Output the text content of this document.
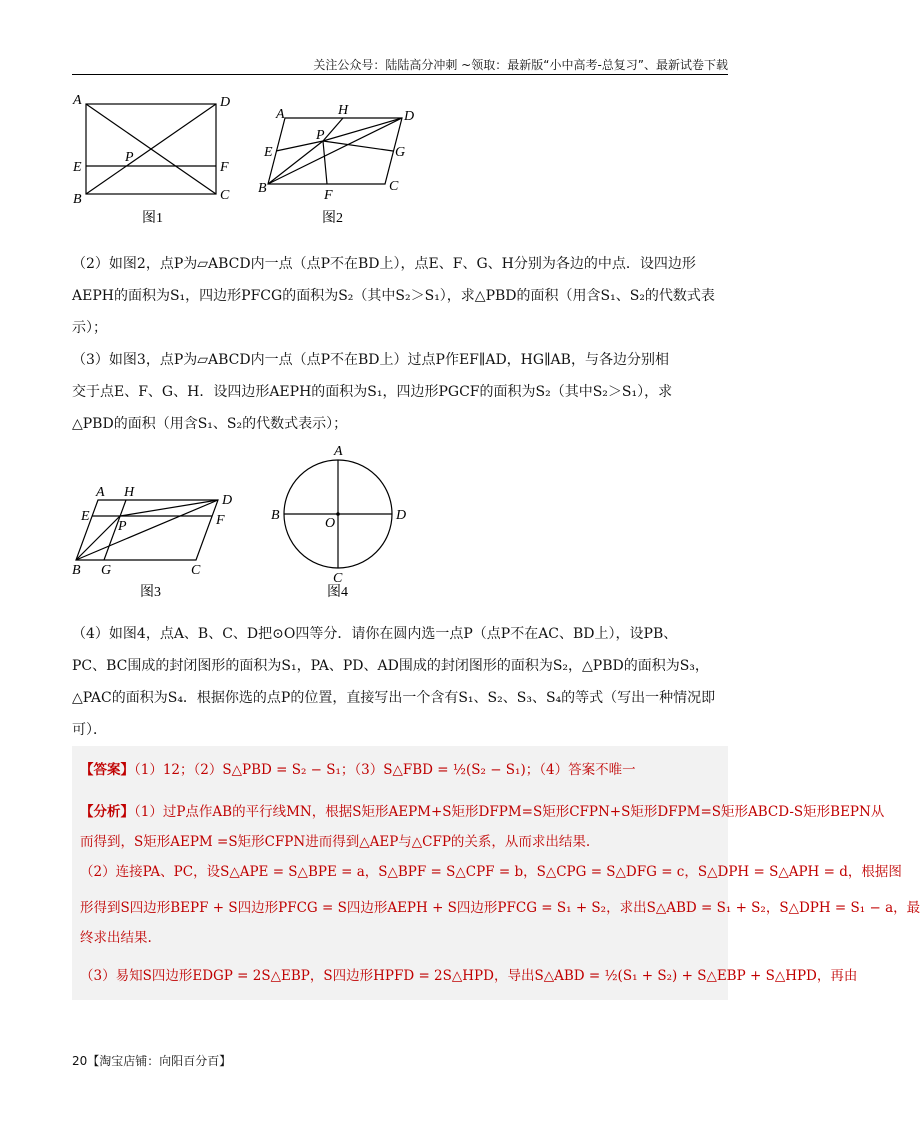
关注公众号：陆陆高分冲刺 ~领取：最新版“小中高考-总复习”、最新试卷下载
A	D
E	F
P
B	C
图1
A	H	D
P
E	G
B	F
C
图2
A H
D
E	F
P
B G	C
图3
A
B
O
D
C
图4
（2）如图2，点P为▱ABCD内一点（点P不在BD上），点E、F、G、H分别为各边的中点．设四边形
AEPH的面积为S₁，四边形PFCG的面积为S₂（其中S₂＞S₁），求△PBD的面积（用含S₁、S₂的代数式表
示）；
（3）如图3，点P为▱ABCD内一点（点P不在BD上）过点P作EF∥AD，HG∥AB，与各边分别相
交于点E、F、G、H．设四边形AEPH的面积为S₁，四边形PGCF的面积为S₂（其中S₂＞S₁），求
△PBD的面积（用含S₁、S₂的代数式表示）；
（4）如图4，点A、B、C、D把⊙O四等分．请你在圆内选一点P（点P不在AC、BD上），设PB、
PC、BC围成的封闭图形的面积为S₁，PA、PD、AD围成的封闭图形的面积为S₂，△PBD的面积为S₃，
△PAC的面积为S₄．根据你选的点P的位置，直接写出一个含有S₁、S₂、S₃、S₄的等式（写出一种情况即
可）．
【答案】（1）12；（2）S△PBD = S₂ − S₁；（3）S△FBD = ½(S₂ − S₁)；（4）答案不唯一
【分析】（1）过P点作AB的平行线MN，根据S矩形AEPM+S矩形DFPM=S矩形CFPN+S矩形DFPM=S矩形ABCD-S矩形BEPN从
而得到，S矩形AEPM =S矩形CFPN进而得到△AEP与△CFP的关系，从而求出结果.
（2）连接PA、PC，设S△APE = S△BPE = a，S△BPF = S△CPF = b，S△CPG = S△DFG = c，S△DPH = S△APH = d，根据图
形得到S四边形BEPF + S四边形PFCG = S四边形AEPH + S四边形PFCG = S₁ + S₂，求出S△ABD = S₁ + S₂，S△DPH = S₁ − a，最
终求出结果.
（3）易知S四边形EDGP = 2S△EBP，S四边形HPFD = 2S△HPD，导出S△ABD = ½(S₁ + S₂) + S△EBP + S△HPD，再由
20【淘宝店铺：向阳百分百】
